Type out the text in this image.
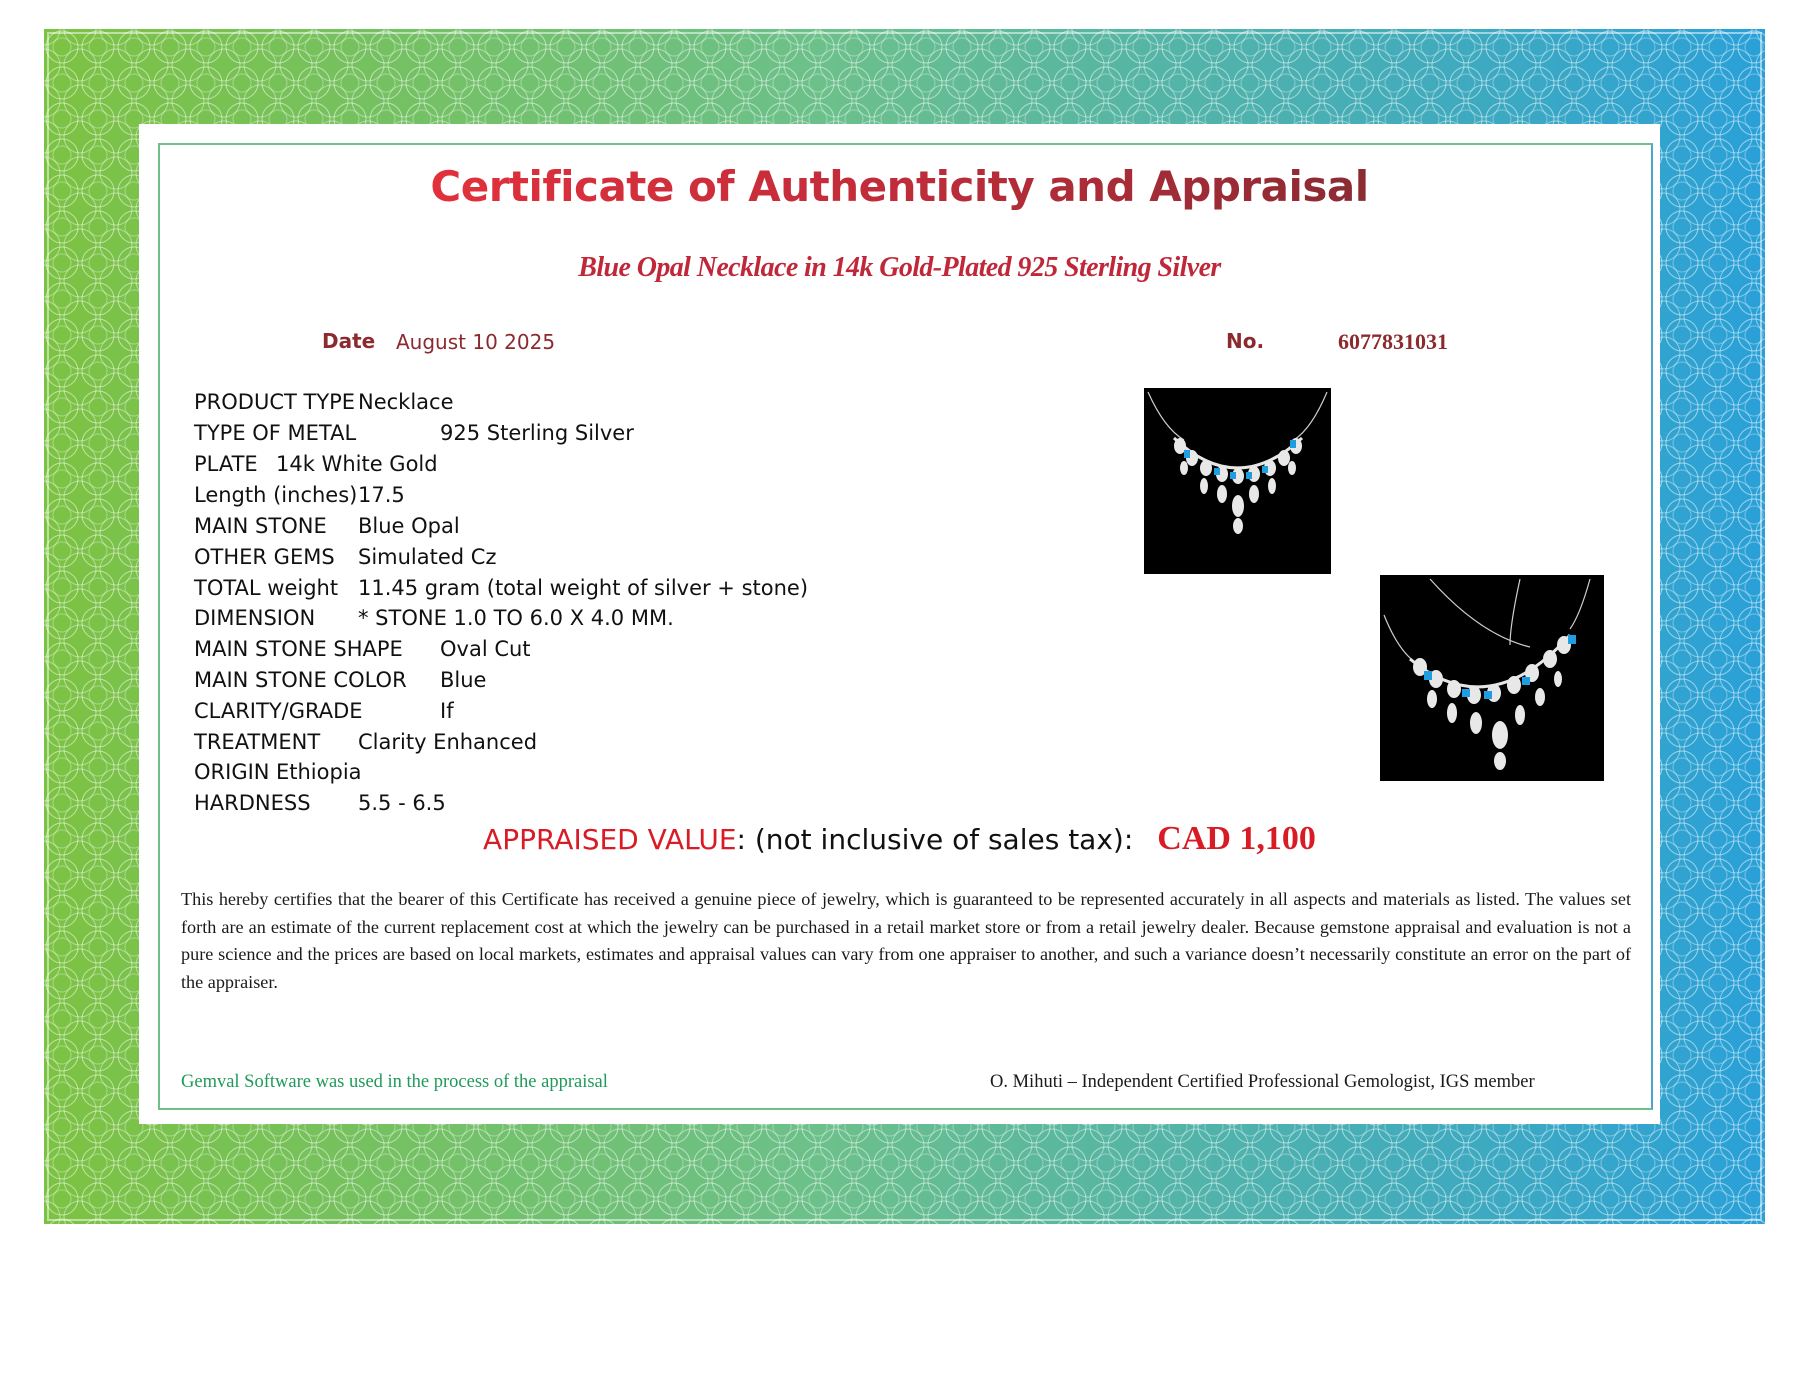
Certificate of Authenticity and Appraisal
Blue Opal Necklace in 14k Gold-Plated 925 Sterling Silver
Date August 10 2025	No.	6077831031
PRODUCT TYPE Necklace
TYPE OF METAL	925 Sterling Silver
PLATE 14k White Gold
Length (inches) 17.5
MAIN STONE Blue Opal
OTHER GEMS Simulated Cz
TOTAL weight 11.45 gram (total weight of silver + stone)
DIMENSION * STONE 1.0 TO 6.0 X 4.0 MM.
MAIN STONE SHAPE Oval Cut
MAIN STONE COLOR Blue
CLARITY/GRADE	If
TREATMENT Clarity Enhanced
ORIGIN Ethiopia
HARDNESS 5.5 - 6.5
APPRAISED VALUE: (not inclusive of sales tax): CAD 1,100
This hereby certifies that the bearer of this Certificate has received a genuine piece of jewelry, which is guaranteed to be represented accurately in all aspects and materials as listed. The values set forth are an estimate of the current replacement cost at which the jewelry can be purchased in a retail market store or from a retail jewelry dealer. Because gemstone appraisal and evaluation is not a pure science and the prices are based on local markets, estimates and appraisal values can vary from one appraiser to another, and such a variance doesn’t necessarily constitute an error on the part of the appraiser.
Gemval Software was used in the process of the appraisal	O. Mihuti – Independent Certified Professional Gemologist, IGS member
